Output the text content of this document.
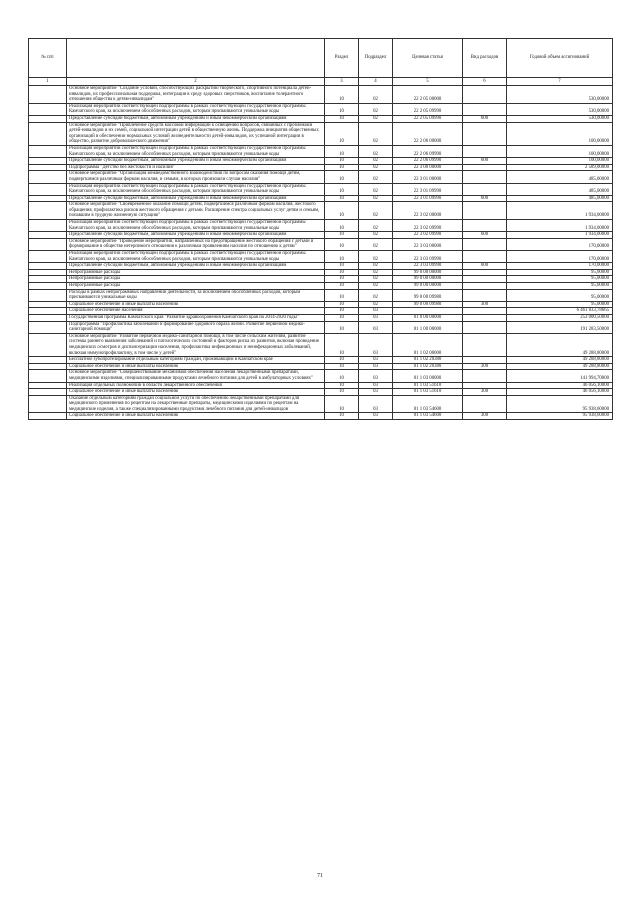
№ п/п		Раздел	Подраздел	Целевая статья	Вид расходов	Годовой объем ассигнований
1	2	3	4	5	6	7
	Основное мероприятие "Создание условий, способствующих раскрытию творческого, спортивного потенциала детей-инвалидов, их профессиональная поддержка, интеграция в среду здоровых сверстников, воспитание толерантного отношения общества к детям-инвалидам"	10	02	22 2 05 00000		530,00000
	Реализация мероприятий соответствующей подпрограммы в рамках соответствующей государственной программы Камчатского края, за исключением обособленных расходов, которым присваиваются уникальные коды	10	02	22 2 05 09990		530,00000
	Предоставление субсидий бюджетным, автономным учреждениям и иным некоммерческим организациям	10	02	22 2 05 09990	600	530,00000
	Основное мероприятие "Привлечение средств массовой информации к освещению вопросов, связанных с проблемами детей-инвалидов и их семей, социальной интеграции детей в общественную жизнь. Поддержка инициатив общественных организаций в обеспечении нормальных условий жизнедеятельности детей-инвалидов, их успешной интеграции в общество, развитие добровольческого движения"	10	02	22 2 06 00000		100,00000
	Реализация мероприятий соответствующей подпрограммы в рамках соответствующей государственной программы Камчатского края, за исключением обособленных расходов, которым присваиваются уникальные коды	10	02	22 2 06 09990		100,00000
	Предоставление субсидий бюджетным, автономным учреждениям и иным некоммерческим организациям	10	02	22 2 06 09990	600	100,00000
	Подпрограмма "Детство без жестокости и насилия"	10	02	22 3 00 00000		2 589,00000
	Основное мероприятие "Организация межведомственного взаимодействия по вопросам оказания помощи детям, подвергшимся различным формам насилия, и семьям, в которых произошли случаи насилия"	10	02	22 3 01 00000		485,00000
	Реализация мероприятий соответствующей подпрограммы в рамках соответствующей государственной программы Камчатского края, за исключением обособленных расходов, которым присваиваются уникальные коды	10	02	22 3 01 09990		485,00000
	Предоставление субсидий бюджетным, автономным учреждениям и иным некоммерческим организациям	10	02	22 3 01 09990	600	485,00000
	Основное мероприятие "Своевременное оказание помощи детям, подвергшимся различным формам насилия, жестокого обращения, профилактика рисков жестокого обращения с детьми. Расширение спектра социальных услуг детям и семьям, попавшим в трудную жизненную ситуацию"	10	02	22 3 02 00000		1 934,00000
	Реализация мероприятий соответствующей подпрограммы в рамках соответствующей государственной программы Камчатского края, за исключением обособленных расходов, которым присваиваются уникальные коды	10	02	22 3 02 09990		1 934,00000
	Предоставление субсидий бюджетным, автономным учреждениям и иным некоммерческим организациям	10	02	22 3 02 09990	600	1 934,00000
	Основное мероприятие "Проведение мероприятий, направленных на предотвращение жестокого обращения с детьми и формирование в обществе нетерпимого отношения к различным проявлениям насилия по отношению к детям"	10	02	22 3 03 00000		170,00000
	Реализация мероприятий соответствующей подпрограммы в рамках соответствующей государственной программы Камчатского края, за исключением обособленных расходов, которым присваиваются уникальные коды	10	02	22 3 03 09990		170,00000
	Предоставление субсидий бюджетным, автономным учреждениям и иным некоммерческим организациям	10	02	22 3 03 09990	600	170,00000
	Непрограммные расходы	10	02	99 0 00 00000		95,00000
	Непрограммные расходы	10	02	99 0 00 00000		95,00000
	Непрограммные расходы	10	02	99 0 00 00000		95,00000
	Расходы в рамках непрограммных направлений деятельности, за исключением обособленных расходов, которым присваиваются уникальные коды	10	02	99 0 00 09980		95,00000
	Социальное обеспечение и иные выплаты населению	10	02	99 0 00 09980	300	95,00000
	Социальное обеспечение населения	10	03			6 461 833,78665
	Государственная программа Камчатского края "Развитие здравоохранения Камчатского края на 2014-2020 годы"	10	03	01 0 00 00000		253 000,50000
	Подпрограмма "Профилактика заболеваний и формирование здорового образа жизни. Развитие первичной медико-санитарной помощи"	10	03	01 1 00 00000		191 283,50000
	Основное мероприятие "Развитие первичной медико-санитарной помощи, в том числе сельским жителям, развитие системы раннего выявления заболеваний и патологических состояний и факторов риска их развития, включая проведение медицинских осмотров и диспансеризации населения, профилактика инфекционных и неинфекционных заболеваний, включая иммунопрофилактику, в том числе у детей"	10	03	01 1 02 00000		49 288,80000
	Бесплатное зубопротезирование отдельным категориям граждан, проживающим в Камчатском крае	10	03	01 1 02 20380		49 288,80000
	Социальное обеспечение и иные выплаты населению	10	03	01 1 02 20380	300	49 288,80000
	Основное мероприятие "Совершенствование механизмов обеспечения населения лекарственными препаратами, медицинскими изделиями, специализированными продуктами лечебного питания для детей в амбулаторных условиях"	10	03	01 1 03 00000		141 994,70000
	Реализация отдельных полномочий в области лекарственного обеспечения	10	03	01 1 03 51610		46 056,10000
	Социальное обеспечение и иные выплаты населению	10	03	01 1 03 51610	300	46 056,10000
	Оказание отдельным категориям граждан социальной услуги по обеспечению лекарственными препаратами для медицинского применения по рецептам на лекарственные препараты, медицинскими изделиями по рецептам на медицинские изделия, а также специализированными продуктами лечебного питания для детей-инвалидов	10	03	01 1 03 54600		95 938,60000
	Социальное обеспечение и иные выплаты населению	10	03	01 1 03 54600	300	95 938,60000
71
